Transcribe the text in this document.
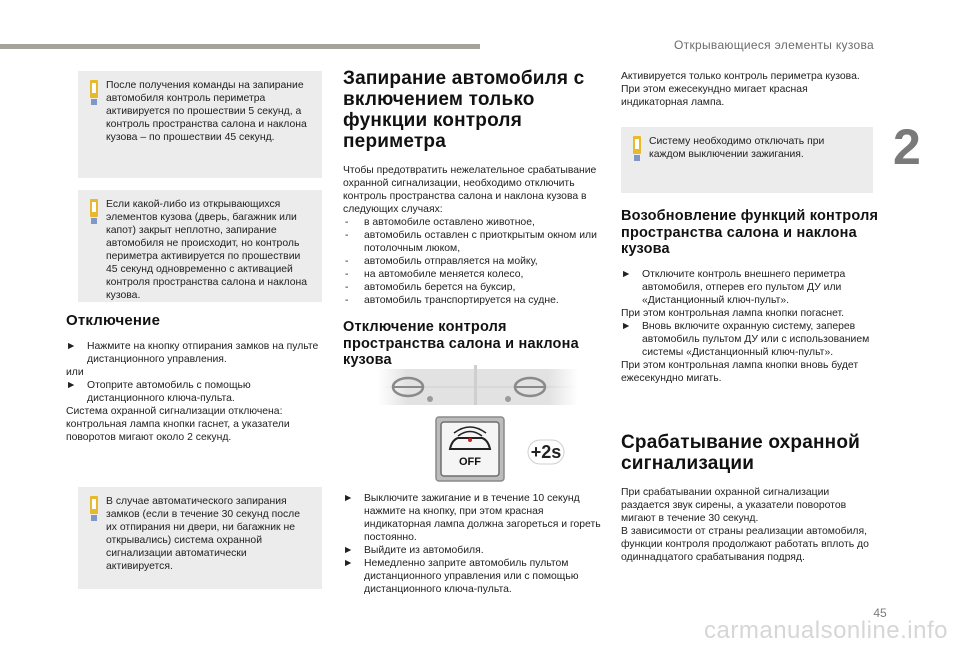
Открывающиеся элементы кузова
2

После получения команды на запирание автомобиля контроль периметра активируется по прошествии 5 секунд, а контроль пространства салона и наклона кузова – по прошествии 45 секунд.

Если какой-либо из открывающихся элементов кузова (дверь, багажник или капот) закрыт неплотно, запирание автомобиля не происходит, но контроль периметра активируется по прошествии 45 секунд одновременно с активацией контроля пространства салона и наклона кузова.

Отключение
►	Нажмите на кнопку отпирания замков на пульте дистанционного управления.

или

►	Отоприте автомобиль с помощью дистанционного ключа-пульта.

Система охранной сигнализации отключена: контрольная лампа кнопки гаснет, а указатели поворотов мигают около 2 секунд.

В случае автоматического запирания замков (если в течение 30 секунд после их отпирания ни двери, ни багажник не открывались) система охранной сигнализации автоматически активируется.

Запирание автомобиля с включением только функции контроля периметра

Чтобы предотвратить нежелательное срабатывание охранной сигнализации, необходимо отключить контроль пространства салона и наклона кузова в следующих случаях:

- в автомобиле оставлено животное,
- автомобиль оставлен с приоткрытым окном или потолочным люком,
- автомобиль отправляется на мойку,
- на автомобиле меняется колесо,
- автомобиль берется на буксир,
- автомобиль транспортируется на судне.
Отключение контроля пространства салона и наклона кузова
OFF	+2s
►	Выключите зажигание и в течение 10 секунд нажмите на кнопку, при этом красная индикаторная лампа должна загореться и гореть постоянно.
►	Выйдите из автомобиля.
►	Немедленно заприте автомобиль пультом дистанционного управления или с помощью дистанционного ключа-пульта.

Активируется только контроль периметра кузова. При этом ежесекундно мигает красная индикаторная лампа.

Систему необходимо отключать при каждом выключении зажигания.

Возобновление функций контроля пространства салона и наклона кузова
►	Отключите контроль внешнего периметра автомобиля, отперев его пультом ДУ или «Дистанционный ключ-пульт».

При этом контрольная лампа кнопки погаснет.

►	Вновь включите охранную систему, заперев автомобиль пультом ДУ или с использованием системы «Дистанционный ключ-пульт».

При этом контрольная лампа кнопки вновь будет ежесекундно мигать.

Срабатывание охранной сигнализации

При срабатывании охранной сигнализации раздается звук сирены, а указатели поворотов мигают в течение 30 секунд.

В зависимости от страны реализации автомобиля, функции контроля продолжают работать вплоть до одиннадцатого срабатывания подряд.

45
carmanualsonline.info
